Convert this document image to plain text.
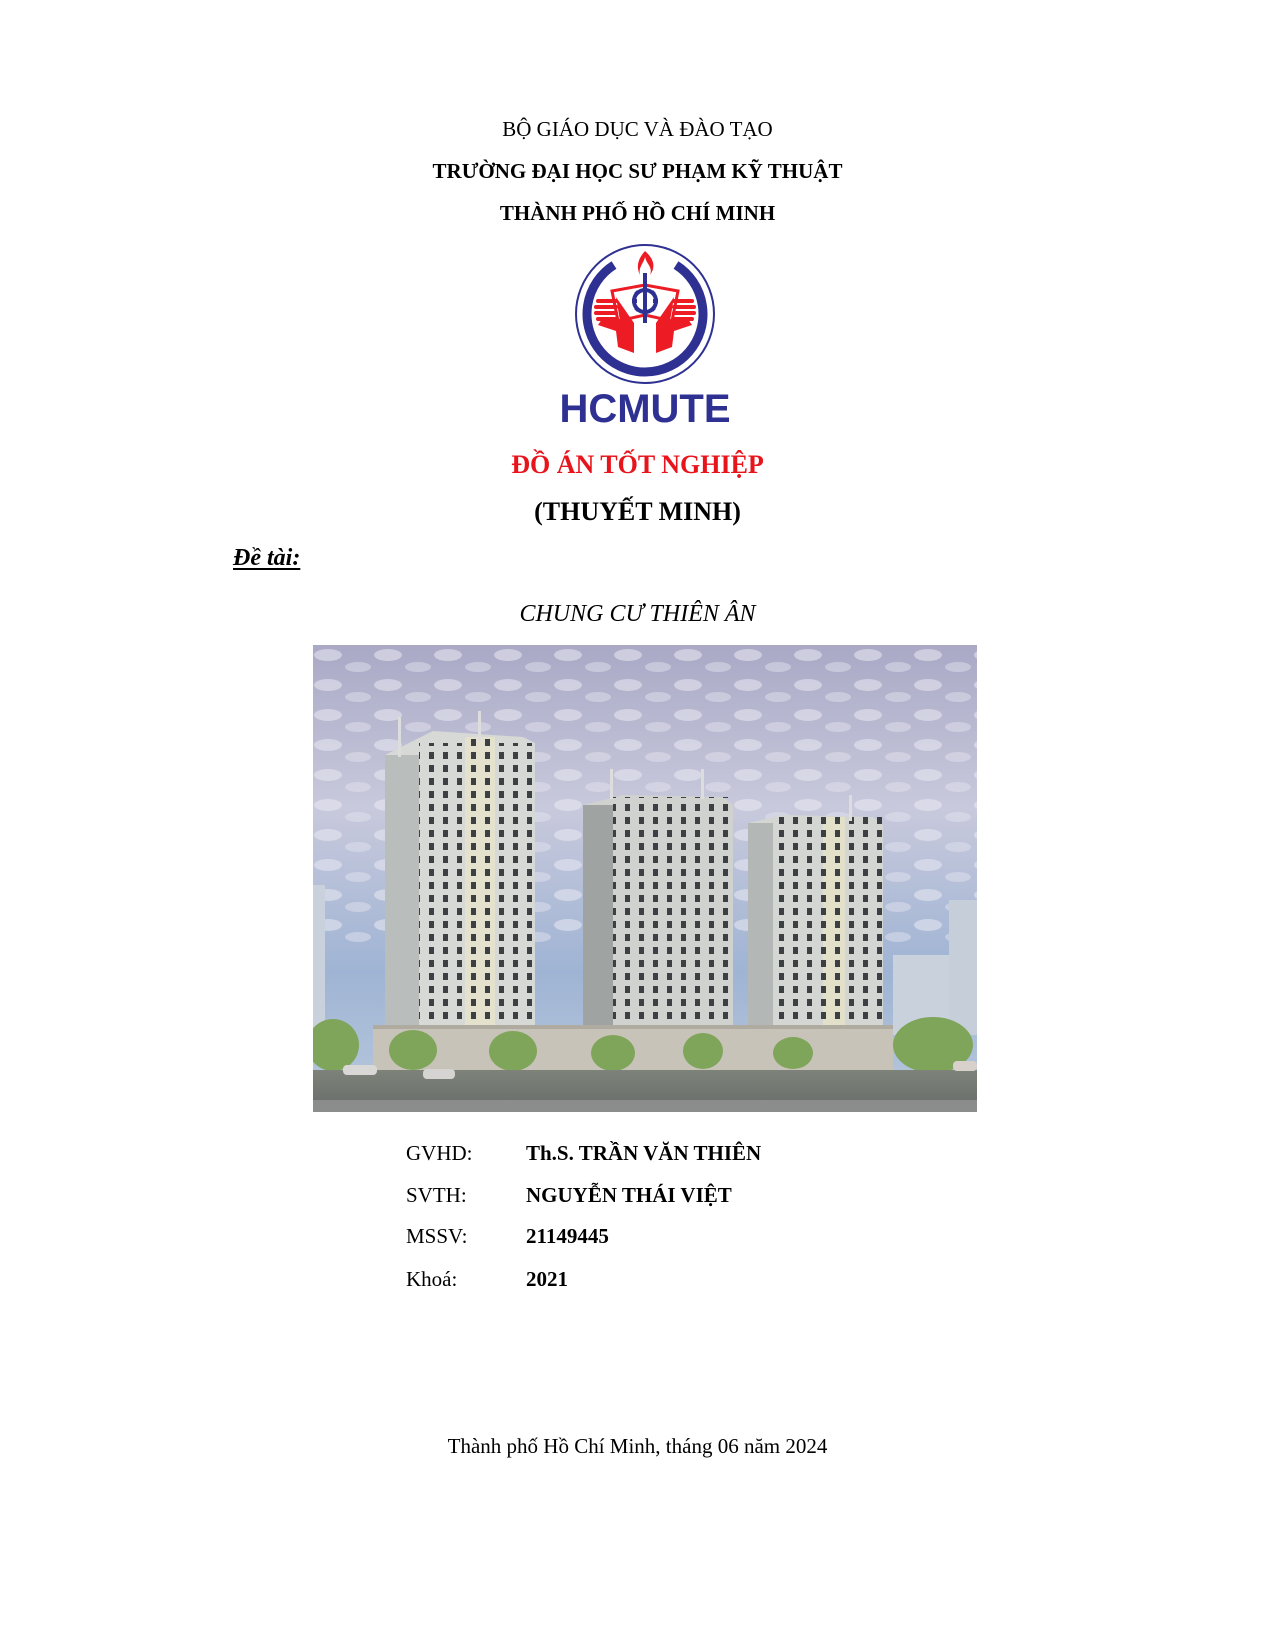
BỘ GIÁO DỤC VÀ ĐÀO TẠO
TRƯỜNG ĐẠI HỌC SƯ PHẠM KỸ THUẬT
THÀNH PHỐ HỒ CHÍ MINH
HCMUTE
ĐỒ ÁN TỐT NGHIỆP
(THUYẾT MINH)
Đề tài:
CHUNG CƯ THIÊN ÂN
GVHD:	Th.S. TRẦN VĂN THIÊN
SVTH:	NGUYỄN THÁI VIỆT
MSSV:	21149445
Khoá:	2021
Thành phố Hồ Chí Minh, tháng 06 năm 2024
